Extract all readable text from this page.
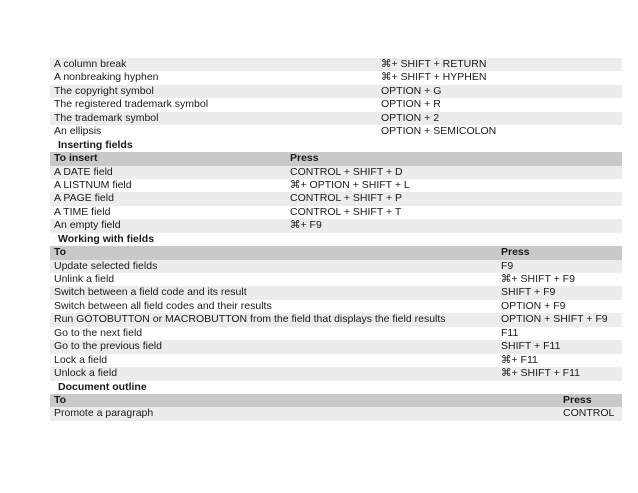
A column break	⌘+ SHIFT + RETURN
A nonbreaking hyphen	⌘+ SHIFT + HYPHEN
The copyright symbol	OPTION + G
The registered trademark symbol	OPTION + R
The trademark symbol	OPTION + 2
An ellipsis	OPTION + SEMICOLON
Inserting fields
To insert	Press
A DATE field	CONTROL + SHIFT + D
A LISTNUM field	⌘+ OPTION + SHIFT + L
A PAGE field	CONTROL + SHIFT + P
A TIME field	CONTROL + SHIFT + T
An empty field	⌘+ F9
Working with fields
To	Press
Update selected fields	F9
Unlink a field	⌘+ SHIFT + F9
Switch between a field code and its result	SHIFT + F9
Switch between all field codes and their results	OPTION + F9
Run GOTOBUTTON or MACROBUTTON from the field that displays the field results	OPTION + SHIFT + F9
Go to the next field	F11
Go to the previous field	SHIFT + F11
Lock a field	⌘+ F11
Unlock a field	⌘+ SHIFT + F11
Document outline
To	Press
Promote a paragraph	CONTROL
